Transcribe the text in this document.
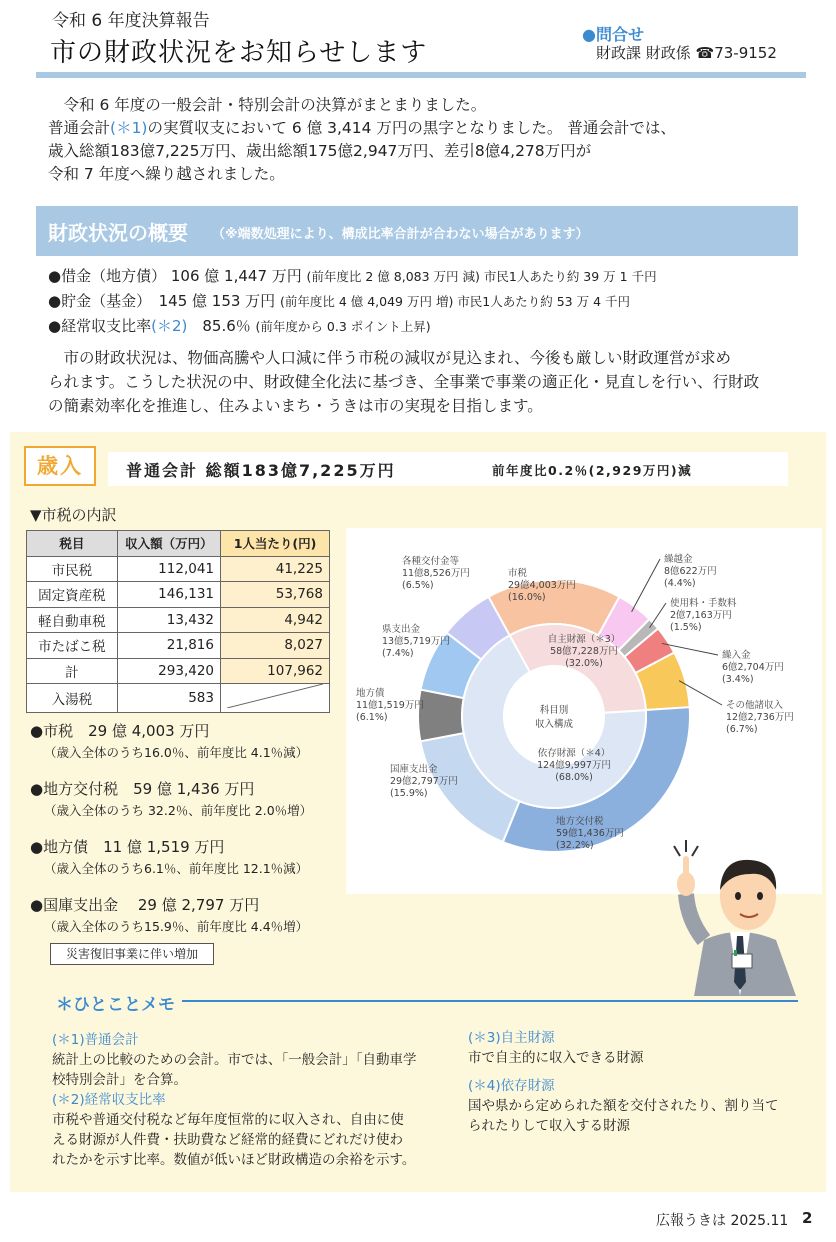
令和 6 年度決算報告
市の財政状況をお知らせします
●問合せ
財政課 財政係 ☎73-9152

　令和 6 年度の一般会計・特別会計の決算がまとまりました。

普通会計(＊1)の実質収支において 6 億 3,414 万円の黒字となりました。 普通会計では、

歳入総額183億7,225万円、歳出総額175億2,947万円、差引8億4,278万円が

令和 7 年度へ繰り越されました。

財政状況の概要 （※端数処理により、構成比率合計が合わない場合があります）
●借金（地方債） 106 億 1,447 万円 (前年度比 2 億 8,083 万円 減) 市民1人あたり約 39 万 1 千円
●貯金（基金）　 145 億 153 万円 (前年度比 4 億 4,049 万円 増) 市民1人あたり約 53 万 4 千円
●経常収支比率(＊2)　 85.6％ (前年度から 0.3 ポイント上昇)

　市の財政状況は、物価高騰や人口減に伴う市税の減収が見込まれ、今後も厳しい財政運営が求め

られます。こうした状況の中、財政健全化法に基づき、全事業で事業の適正化・見直しを行い、行財政

の簡素効率化を推進し、住みよいまち・うきは市の実現を目指します。

歳入	普通会計 総額183億7,225万円	前年度比0.2％(2,929万円)減
▼市税の内訳
税目	収入額（万円）	1人当たり(円)
市民税	112,041	41,225
固定資産税	146,131	53,768
軽自動車税	13,432	4,942
市たばこ税	21,816	8,027
計	293,420	107,962
入湯税	583	
●市税　29 億 4,003 万円
（歳入全体のうち16.0％、前年度比 4.1％減）
●地方交付税　59 億 1,436 万円
（歳入全体のうち 32.2％、前年度比 2.0％増）
●地方債　11 億 1,519 万円
（歳入全体のうち6.1％、前年度比 12.1％減）
●国庫支出金　 29 億 2,797 万円
（歳入全体のうち15.9％、前年度比 4.4％増）
災害復旧事業に伴い増加
科目別
収入構成
自主財源（＊3）
58億7,228万円
(32.0%)
依存財源（＊4）
124億9,997万円
(68.0%)
市税
29億4,003万円
(16.0%)
繰越金
8億622万円
(4.4%)
使用料・手数料
2億7,163万円
(1.5%)
繰入金
6億2,704万円
(3.4%)
その他諸収入
12億2,736万円
(6.7%)
地方交付税
59億1,436万円
(32.2%)
国庫支出金
29億2,797万円
(15.9%)
地方債
11億1,519万円
(6.1%)
県支出金
13億5,719万円
(7.4%)
各種交付金等
11億8,526万円
(6.5%)
＊ひとことメモ
(＊1)普通会計
統計上の比較のための会計。市では、「一般会計」「自動車学
校特別会計」を合算。
(＊2)経常収支比率
市税や普通交付税など毎年度恒常的に収入され、自由に使
える財源が人件費・扶助費など経常的経費にどれだけ使わ
れたかを示す比率。数値が低いほど財政構造の余裕を示す。
(＊3)自主財源
市で自主的に収入できる財源
(＊4)依存財源
国や県から定められた額を交付されたり、割り当て
られたりして収入する財源
広報うきは 2025.11 2
